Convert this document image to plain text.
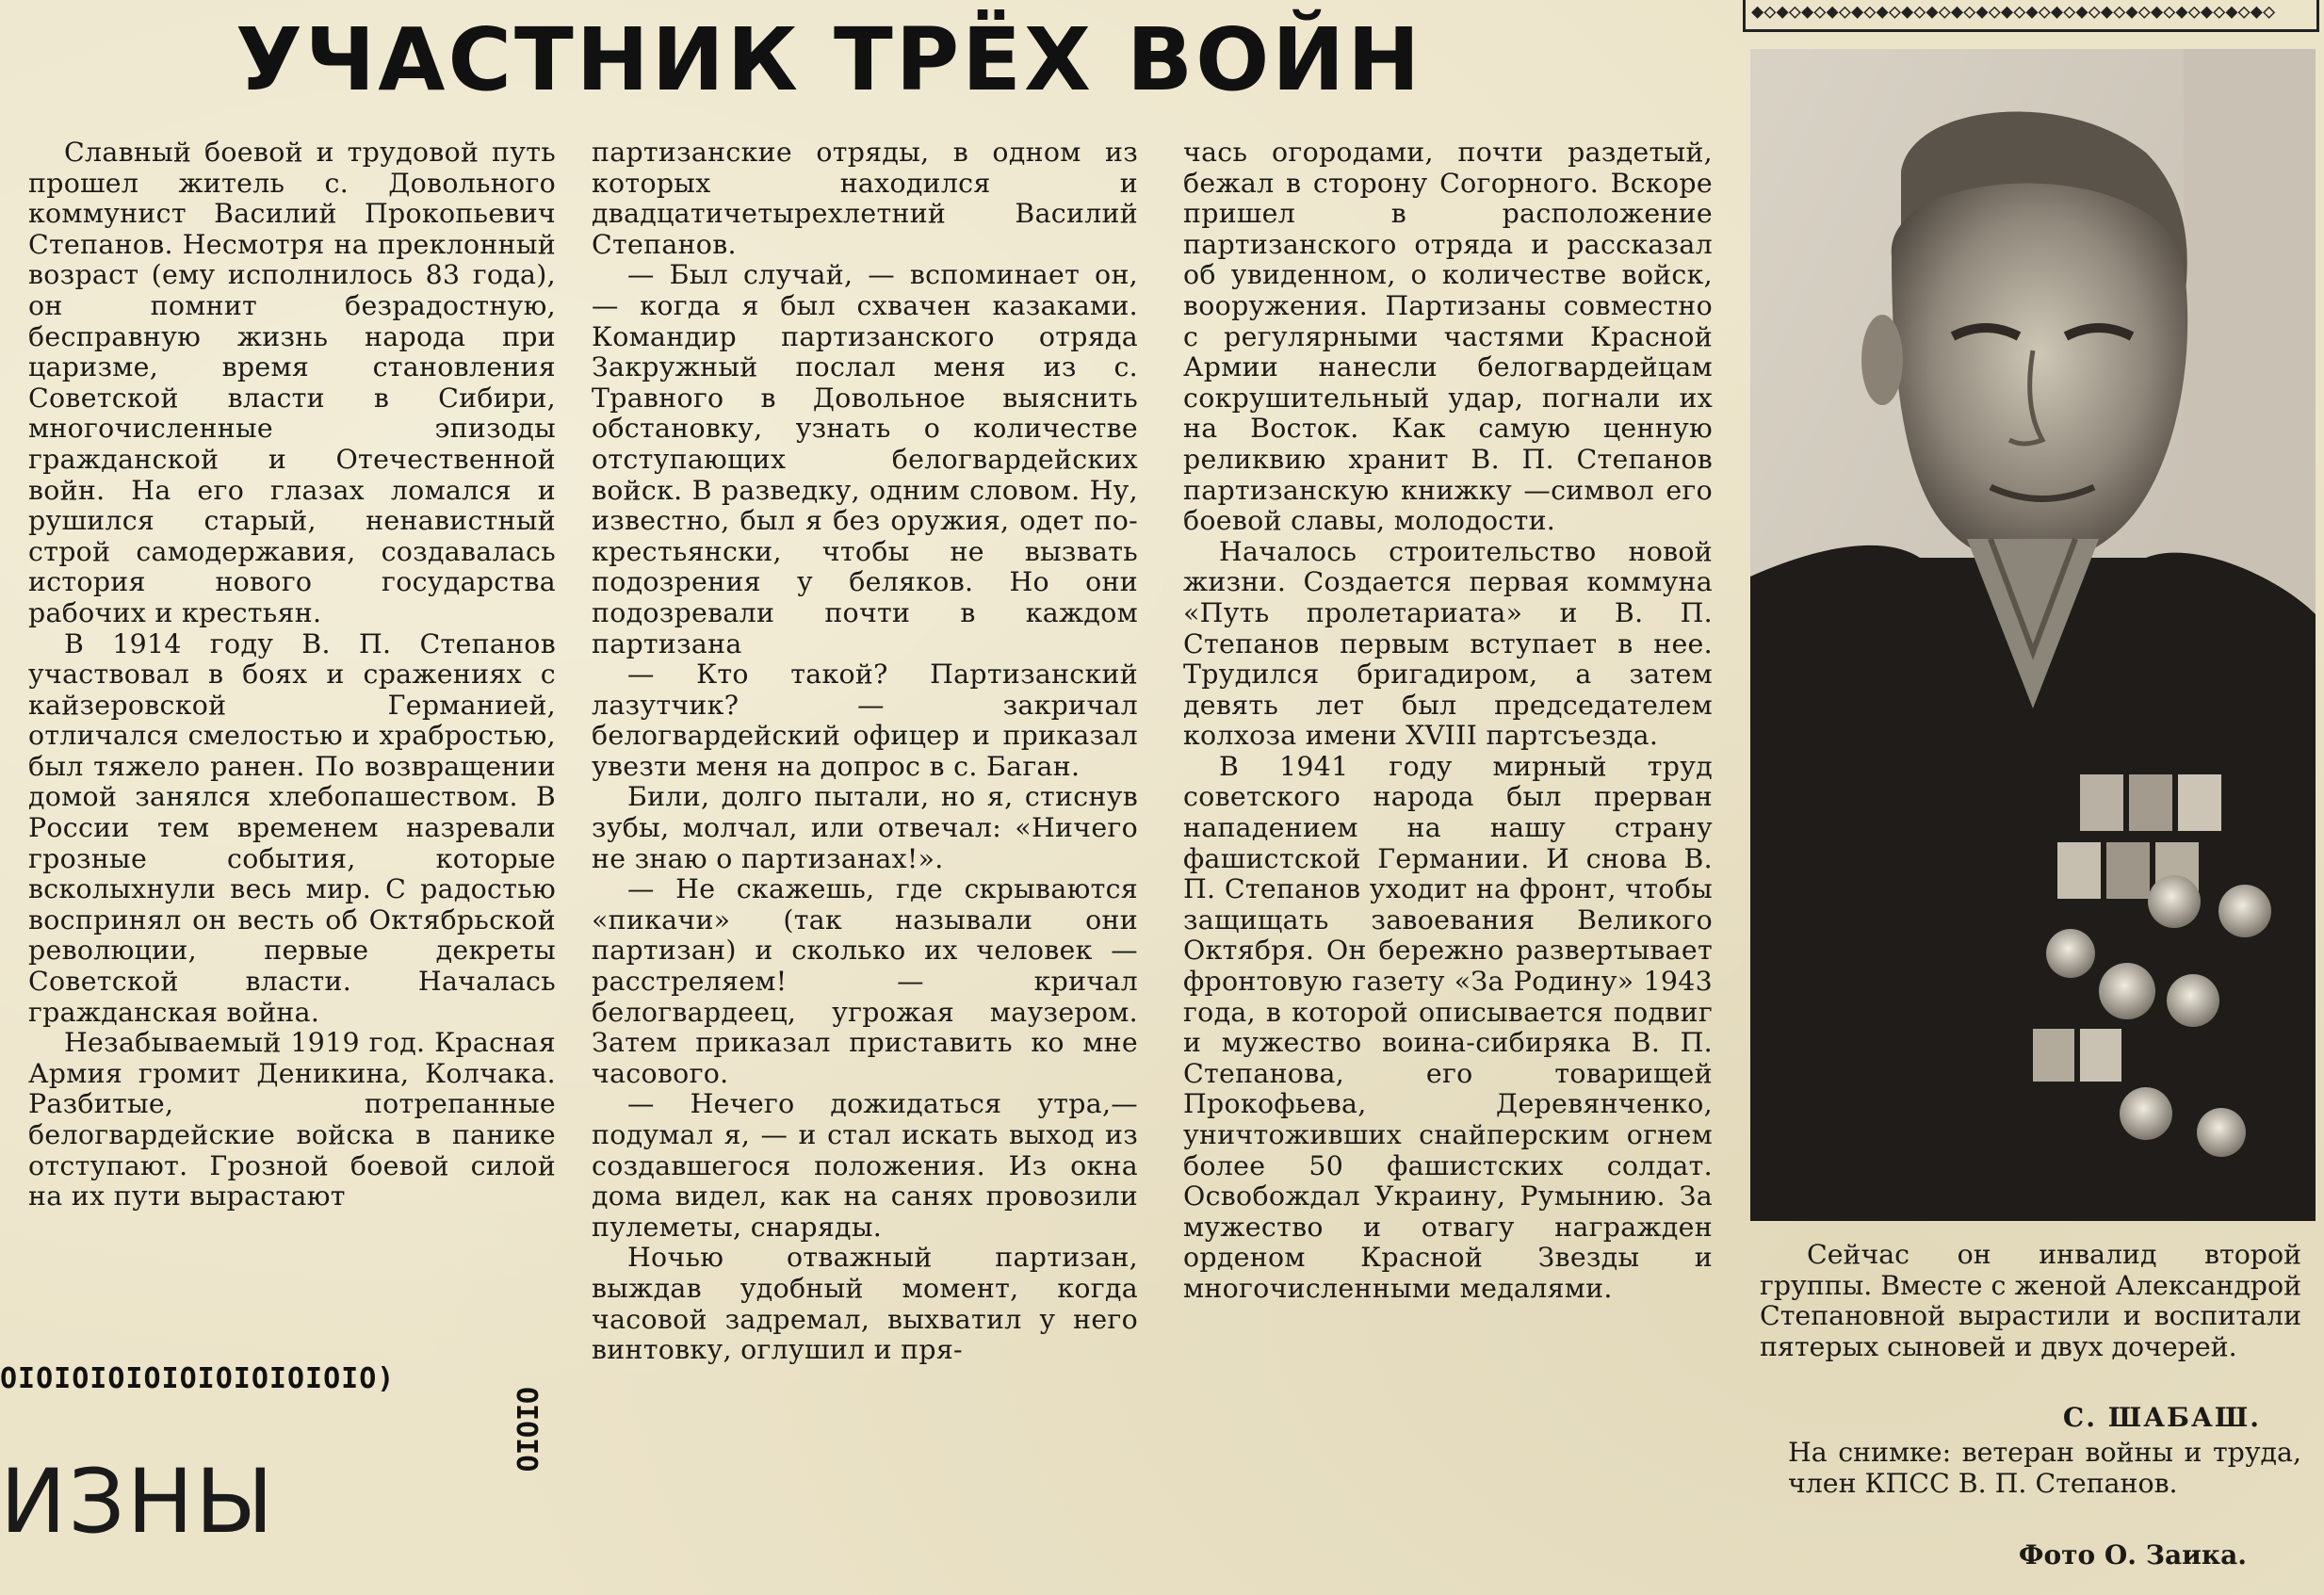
УЧАСТНИК ТРЁХ ВОЙН

Славный боевой и трудовой путь прошел житель с. Довольного коммунист Василий Прокопьевич Степанов. Несмотря на преклонный возраст (ему исполнилось 83 года), он помнит безрадостную, бесправную жизнь народа при царизме, время становления Советской власти в Сибири, многочисленные эпизоды гражданской и Отечественной войн. На его глазах ломался и рушился старый, ненавистный строй самодержавия, создавалась история нового государства рабочих и крестьян.

В 1914 году В. П. Степанов участвовал в боях и сражениях с кайзеровской Германией, отличался смелостью и храбростью, был тяжело ранен. По возвращении домой занялся хлебопашеством. В России тем временем назревали грозные события, которые всколыхнули весь мир. С радостью воспринял он весть об Октябрьской революции, первые декреты Советской власти. Началась гражданская война.

Незабываемый 1919 год. Красная Армия громит Деникина, Колчака. Разбитые, потрепанные белогвардейские войска в панике отступают. Грозной боевой силой на их пути вырастают

партизанские отряды, в одном из которых находился и двадцатичетырехлетний Василий Степанов.

— Был случай, — вспоминает он, — когда я был схвачен казаками. Командир партизанского отряда Закружный послал меня из с. Травного в Довольное выяснить обстановку, узнать о количестве отступающих белогвардейских войск. В разведку, одним словом. Ну, известно, был я без оружия, одет по-крестьянски, чтобы не вызвать подозрения у беляков. Но они подозревали почти в каждом партизана

— Кто такой? Партизанский лазутчик? — закричал белогвардейский офицер и приказал увезти меня на допрос в с. Баган.

Били, долго пытали, но я, стиснув зубы, молчал, или отвечал: «Ничего не знаю о партизанах!».

— Не скажешь, где скрываются «пикачи» (так называли они партизан) и сколько их человек — расстреляем! — кричал белогвардеец, угрожая маузером. Затем приказал приставить ко мне часового.

— Нечего дожидаться утра,— подумал я, — и стал искать выход из создавшегося положения. Из окна дома видел, как на санях провозили пулеметы, снаряды.

Ночью отважный партизан, выждав удобный момент, когда часовой задремал, выхватил у него винтовку, оглушил и пря-

чась огородами, почти раздетый, бежал в сторону Согорного. Вскоре пришел в расположение партизанского отряда и рассказал об увиденном, о количестве войск, вооружения. Партизаны совместно с регулярными частями Красной Армии нанесли белогвардейцам сокрушительный удар, погнали их на Восток. Как самую ценную реликвию хранит В. П. Степанов партизанскую книжку —символ его боевой славы, молодости.

Началось строительство новой жизни. Создается первая коммуна «Путь пролетариата» и В. П. Степанов первым вступает в нее. Трудился бригадиром, а затем девять лет был председателем колхоза имени XVIII партсъезда.

В 1941 году мирный труд советского народа был прерван нападением на нашу страну фашистской Германии. И снова В. П. Степанов уходит на фронт, чтобы защищать завоевания Великого Октября. Он бережно развертывает фронтовую газету «За Родину» 1943 года, в которой описывается подвиг и мужество воина-сибиряка В. П. Степанова, его товарищей Прокофьева, Деревянченко, уничтоживших снайперским огнем более 50 фашистских солдат. Освобождал Украину, Румынию. За мужество и отвагу награжден орденом Красной Звезды и многочисленными медалями.

◆◇◆◇◆◇◆◇◆◇◆◇◆◇◆◇◆◇◆◇◆◇◆◇◆◇◆◇◆◇◆◇◆◇◆◇◆◇◆◇◆◇

Сейчас он инвалид второй группы. Вместе с женой Александрой Степановной вырастили и воспитали пятерых сыновей и двух дочерей.

С. ШАБАШ.
На снимке: ветеран войны и труда, член КПСС В. П. Степанов.
Фото О. Заика.
ОIОIОIОIОIОIОIОIОIОIО)
ОIОIО
ИЗНЫ
